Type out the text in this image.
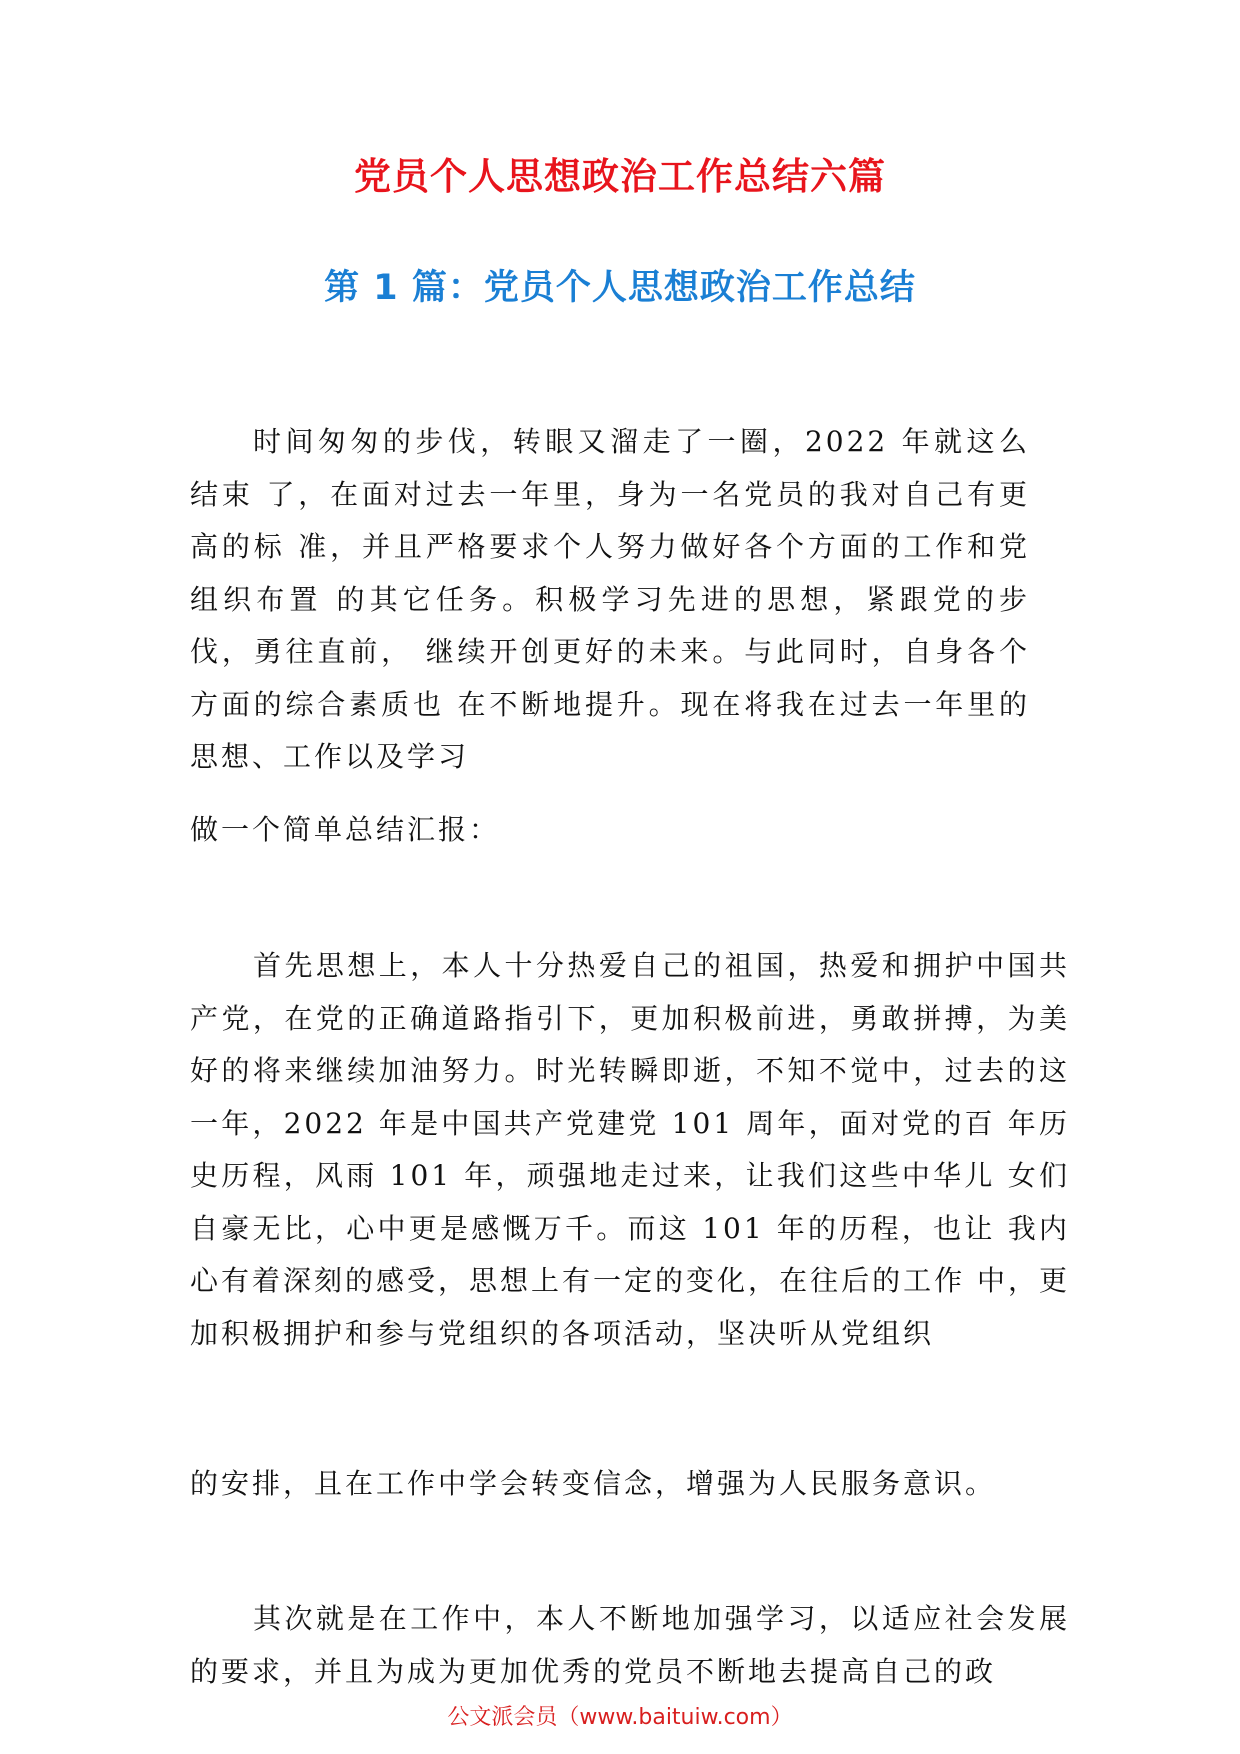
党员个人思想政治工作总结六篇
第 1 篇：党员个人思想政治工作总结

时间匆匆的步伐，转眼又溜走了一圈，2022 年就这么结束 了，在面对过去一年里，身为一名党员的我对自己有更高的标 准，并且严格要求个人努力做好各个方面的工作和党组织布置 的其它任务。积极学习先进的思想，紧跟党的步伐，勇往直前， 继续开创更好的未来。与此同时，自身各个方面的综合素质也 在不断地提升。现在将我在过去一年里的思想、工作以及学习

做一个简单总结汇报：

首先思想上，本人十分热爱自己的祖国，热爱和拥护中国共产党，在党的正确道路指引下，更加积极前进，勇敢拼搏，为美好的将来继续加油努力。时光转瞬即逝，不知不觉中，过去的这一年，2022 年是中国共产党建党 101 周年，面对党的百 年历史历程，风雨 101 年，顽强地走过来，让我们这些中华儿 女们自豪无比，心中更是感慨万千。而这 101 年的历程，也让 我内心有着深刻的感受，思想上有一定的变化，在往后的工作 中，更加积极拥护和参与党组织的各项活动，坚决听从党组织

的安排，且在工作中学会转变信念，增强为人民服务意识。

其次就是在工作中，本人不断地加强学习，以适应社会发展的要求，并且为成为更加优秀的党员不断地去提高自己的政

公文派会员（www.baituiw.com）
